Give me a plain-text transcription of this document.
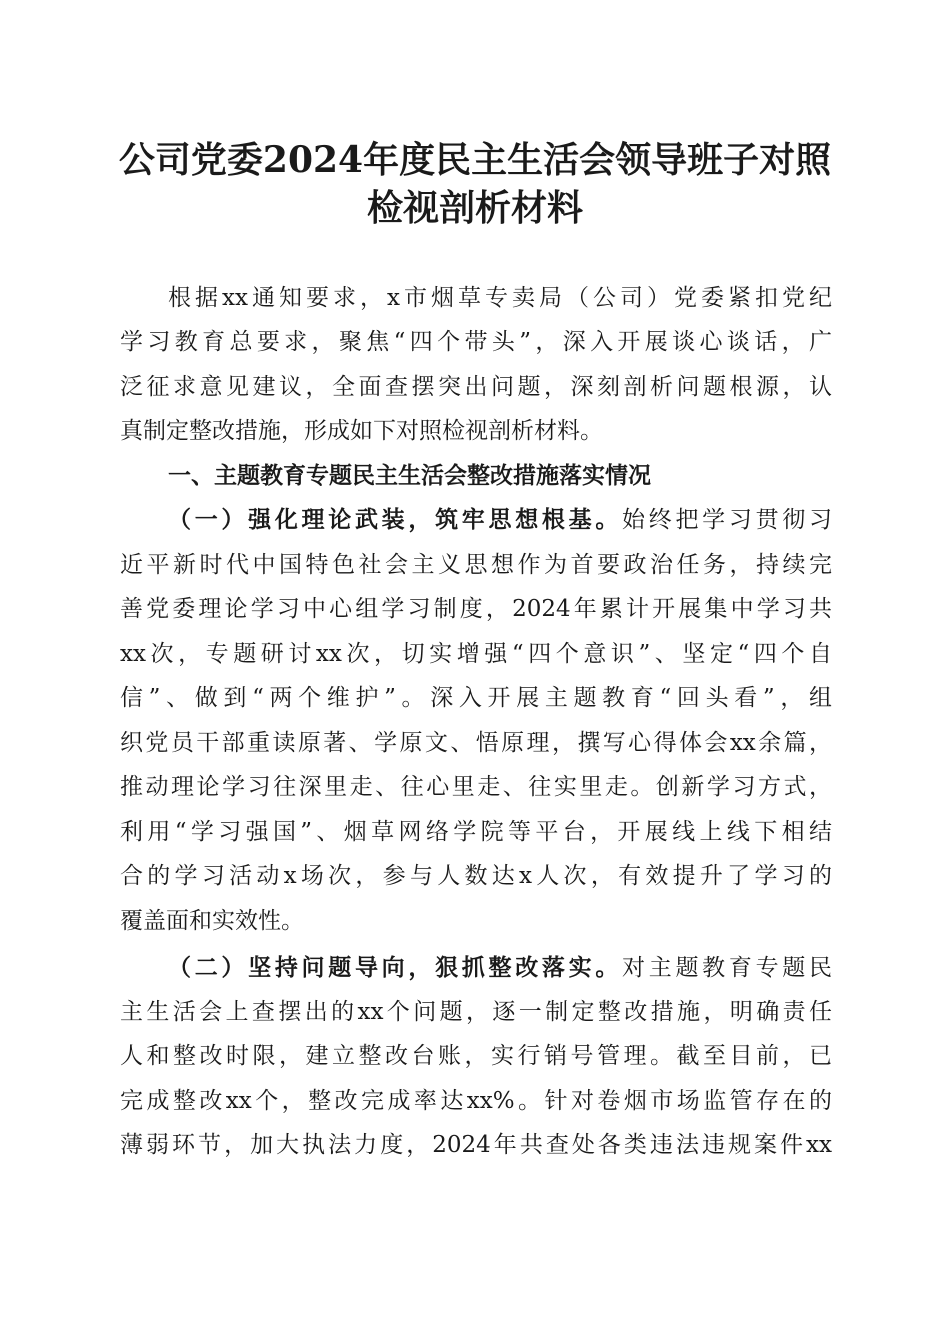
公司党委2024年度民主生活会领导班子对照
检视剖析材料
根据xx通知要求，x市烟草专卖局（公司）党委紧扣党纪
学习教育总要求，聚焦“四个带头”，深入开展谈心谈话，广
泛征求意见建议，全面查摆突出问题，深刻剖析问题根源，认
真制定整改措施，形成如下对照检视剖析材料。
一、主题教育专题民主生活会整改措施落实情况
（一）强化理论武装，筑牢思想根基。始终把学习贯彻习
近平新时代中国特色社会主义思想作为首要政治任务，持续完
善党委理论学习中心组学习制度，2024年累计开展集中学习共
xx次，专题研讨xx次，切实增强“四个意识”、坚定“四个自
信”、做到“两个维护”。深入开展主题教育“回头看”，组
织党员干部重读原著、学原文、悟原理，撰写心得体会xx余篇，
推动理论学习往深里走、往心里走、往实里走。创新学习方式，
利用“学习强国”、烟草网络学院等平台，开展线上线下相结
合的学习活动x场次，参与人数达x人次，有效提升了学习的
覆盖面和实效性。
（二）坚持问题导向，狠抓整改落实。对主题教育专题民
主生活会上查摆出的xx个问题，逐一制定整改措施，明确责任
人和整改时限，建立整改台账，实行销号管理。截至目前，已
完成整改xx个，整改完成率达xx%。针对卷烟市场监管存在的
薄弱环节，加大执法力度，2024年共查处各类违法违规案件xx
